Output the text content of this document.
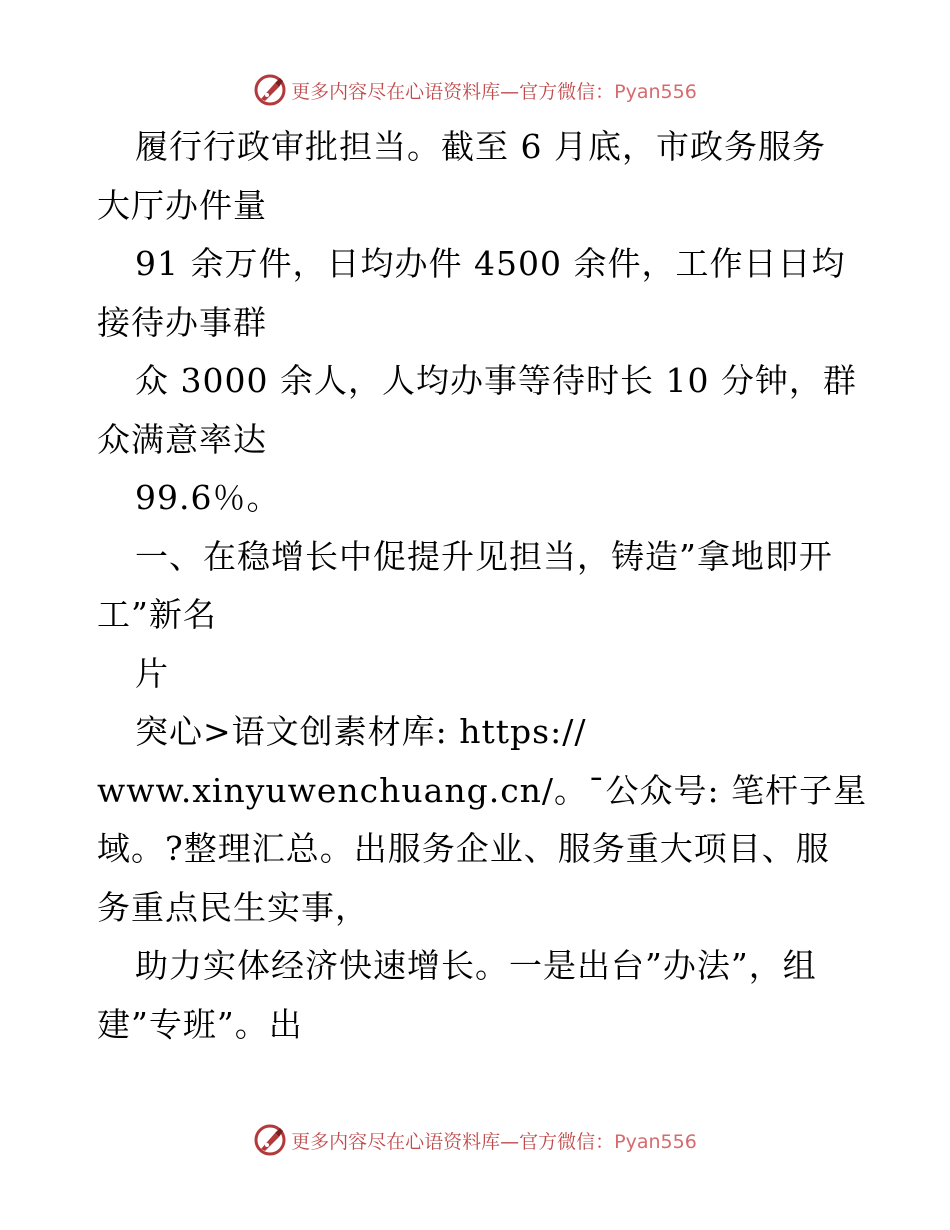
更多内容尽在心语资料库—官方微信：Pyan556
履行行政审批担当。截至 6 月底，市政务服务
大厅办件量
91 余万件，日均办件 4500 余件，工作日日均
接待办事群
众 3000 余人，人均办事等待时长 10 分钟，群
众满意率达
99.6％。
一、在稳增长中促提升见担当，铸造”拿地即开
工”新名
片
突心>语文创素材库: https://
www.xinyuwenchuang.cn/。¯公众号: 笔杆子星
域。?整理汇总。出服务企业、服务重大项目、服
务重点民生实事，
助力实体经济快速增长。一是出台”办法”，组
建”专班”。出
更多内容尽在心语资料库—官方微信：Pyan556
